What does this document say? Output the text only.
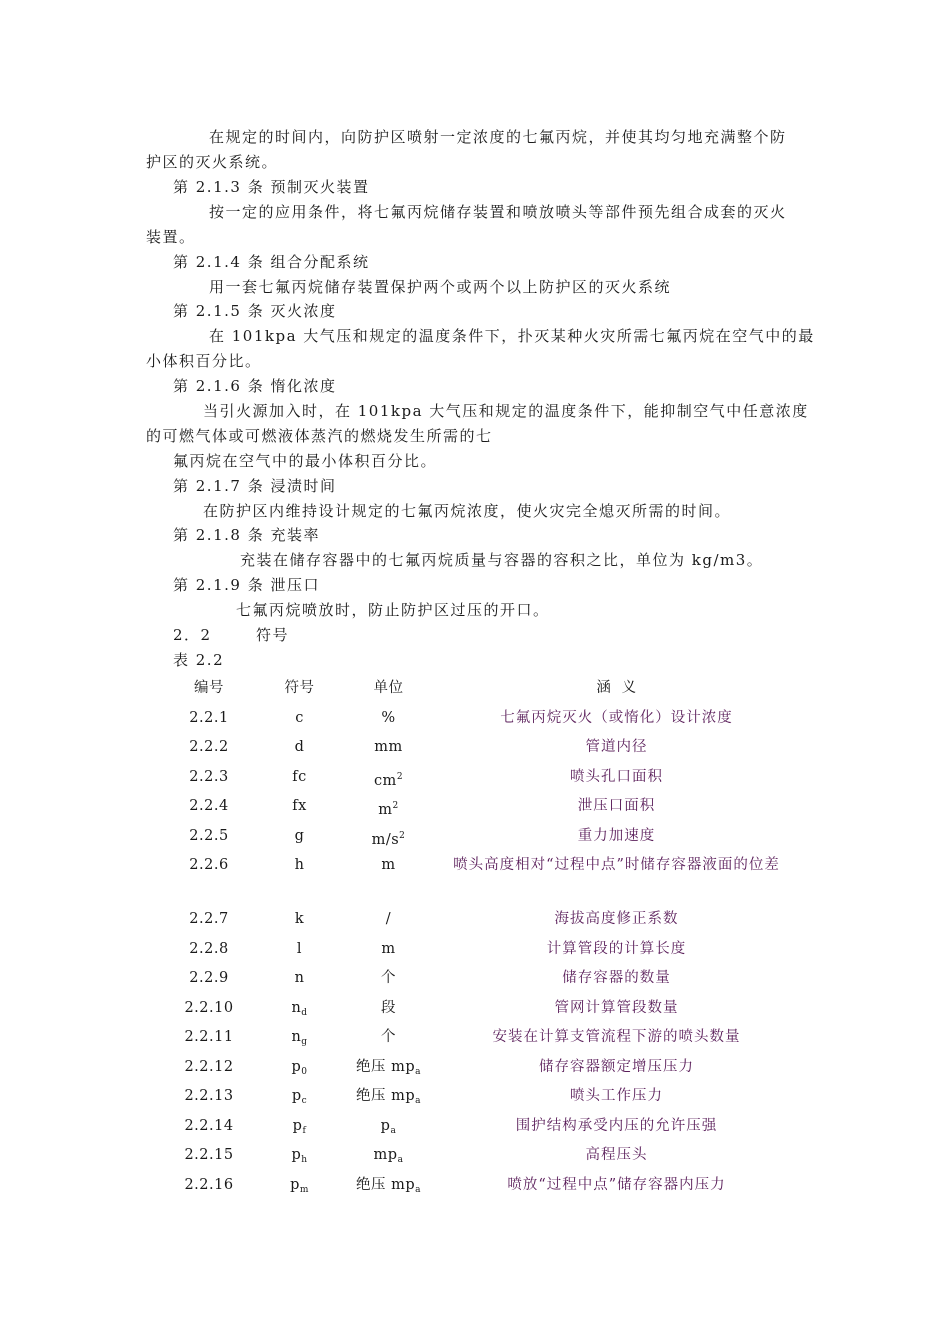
在规定的时间内，向防护区喷射一定浓度的七氟丙烷，并使其均匀地充满整个防
护区的灭火系统。
第 2.1.3 条 预制灭火装置
按一定的应用条件，将七氟丙烷储存装置和喷放喷头等部件预先组合成套的灭火
装置。
第 2.1.4 条 组合分配系统
用一套七氟丙烷储存装置保护两个或两个以上防护区的灭火系统
第 2.1.5 条 灭火浓度
在 101kpa 大气压和规定的温度条件下，扑灭某种火灾所需七氟丙烷在空气中的最
小体积百分比。
第 2.1.6 条 惰化浓度
当引火源加入时，在 101kpa 大气压和规定的温度条件下，能抑制空气中任意浓度
的可燃气体或可燃液体蒸汽的燃烧发生所需的七
氟丙烷在空气中的最小体积百分比。
第 2.1.7 条 浸渍时间
在防护区内维持设计规定的七氟丙烷浓度，使火灾完全熄灭所需的时间。
第 2.1.8 条 充装率
充装在储存容器中的七氟丙烷质量与容器的容积之比，单位为 kg/m3。
第 2.1.9 条 泄压口
七氟丙烷喷放时，防止防护区过压的开口。
2．2	符号
表 2.2
编号	符号	单位	涵  义
2.2.1	c	%	七氟丙烷灭火（或惰化）设计浓度
2.2.2	d	mm	管道内径
2.2.3	fc	$cm^2$	喷头孔口面积
2.2.4	fx	$m^2$	泄压口面积
2.2.5	g	$m/s^2$	重力加速度
2.2.6	h	m	喷头高度相对“过程中点”时储存容器液面的位差
2.2.7	k	/	海拔高度修正系数
2.2.8	l	m	计算管段的计算长度
2.2.9	n	个	储存容器的数量
2.2.10	$n_d$	段	管网计算管段数量
2.2.11	$n_g$	个	安装在计算支管流程下游的喷头数量
2.2.12	$p_0$	绝压 $mp_a$	储存容器额定增压压力
2.2.13	$p_c$	绝压 $mp_a$	喷头工作压力
2.2.14	$p_f$	$p_a$	围护结构承受内压的允许压强
2.2.15	$p_h$	$mp_a$	高程压头
2.2.16	$p_m$	绝压 $mp_a$	喷放“过程中点”储存容器内压力
